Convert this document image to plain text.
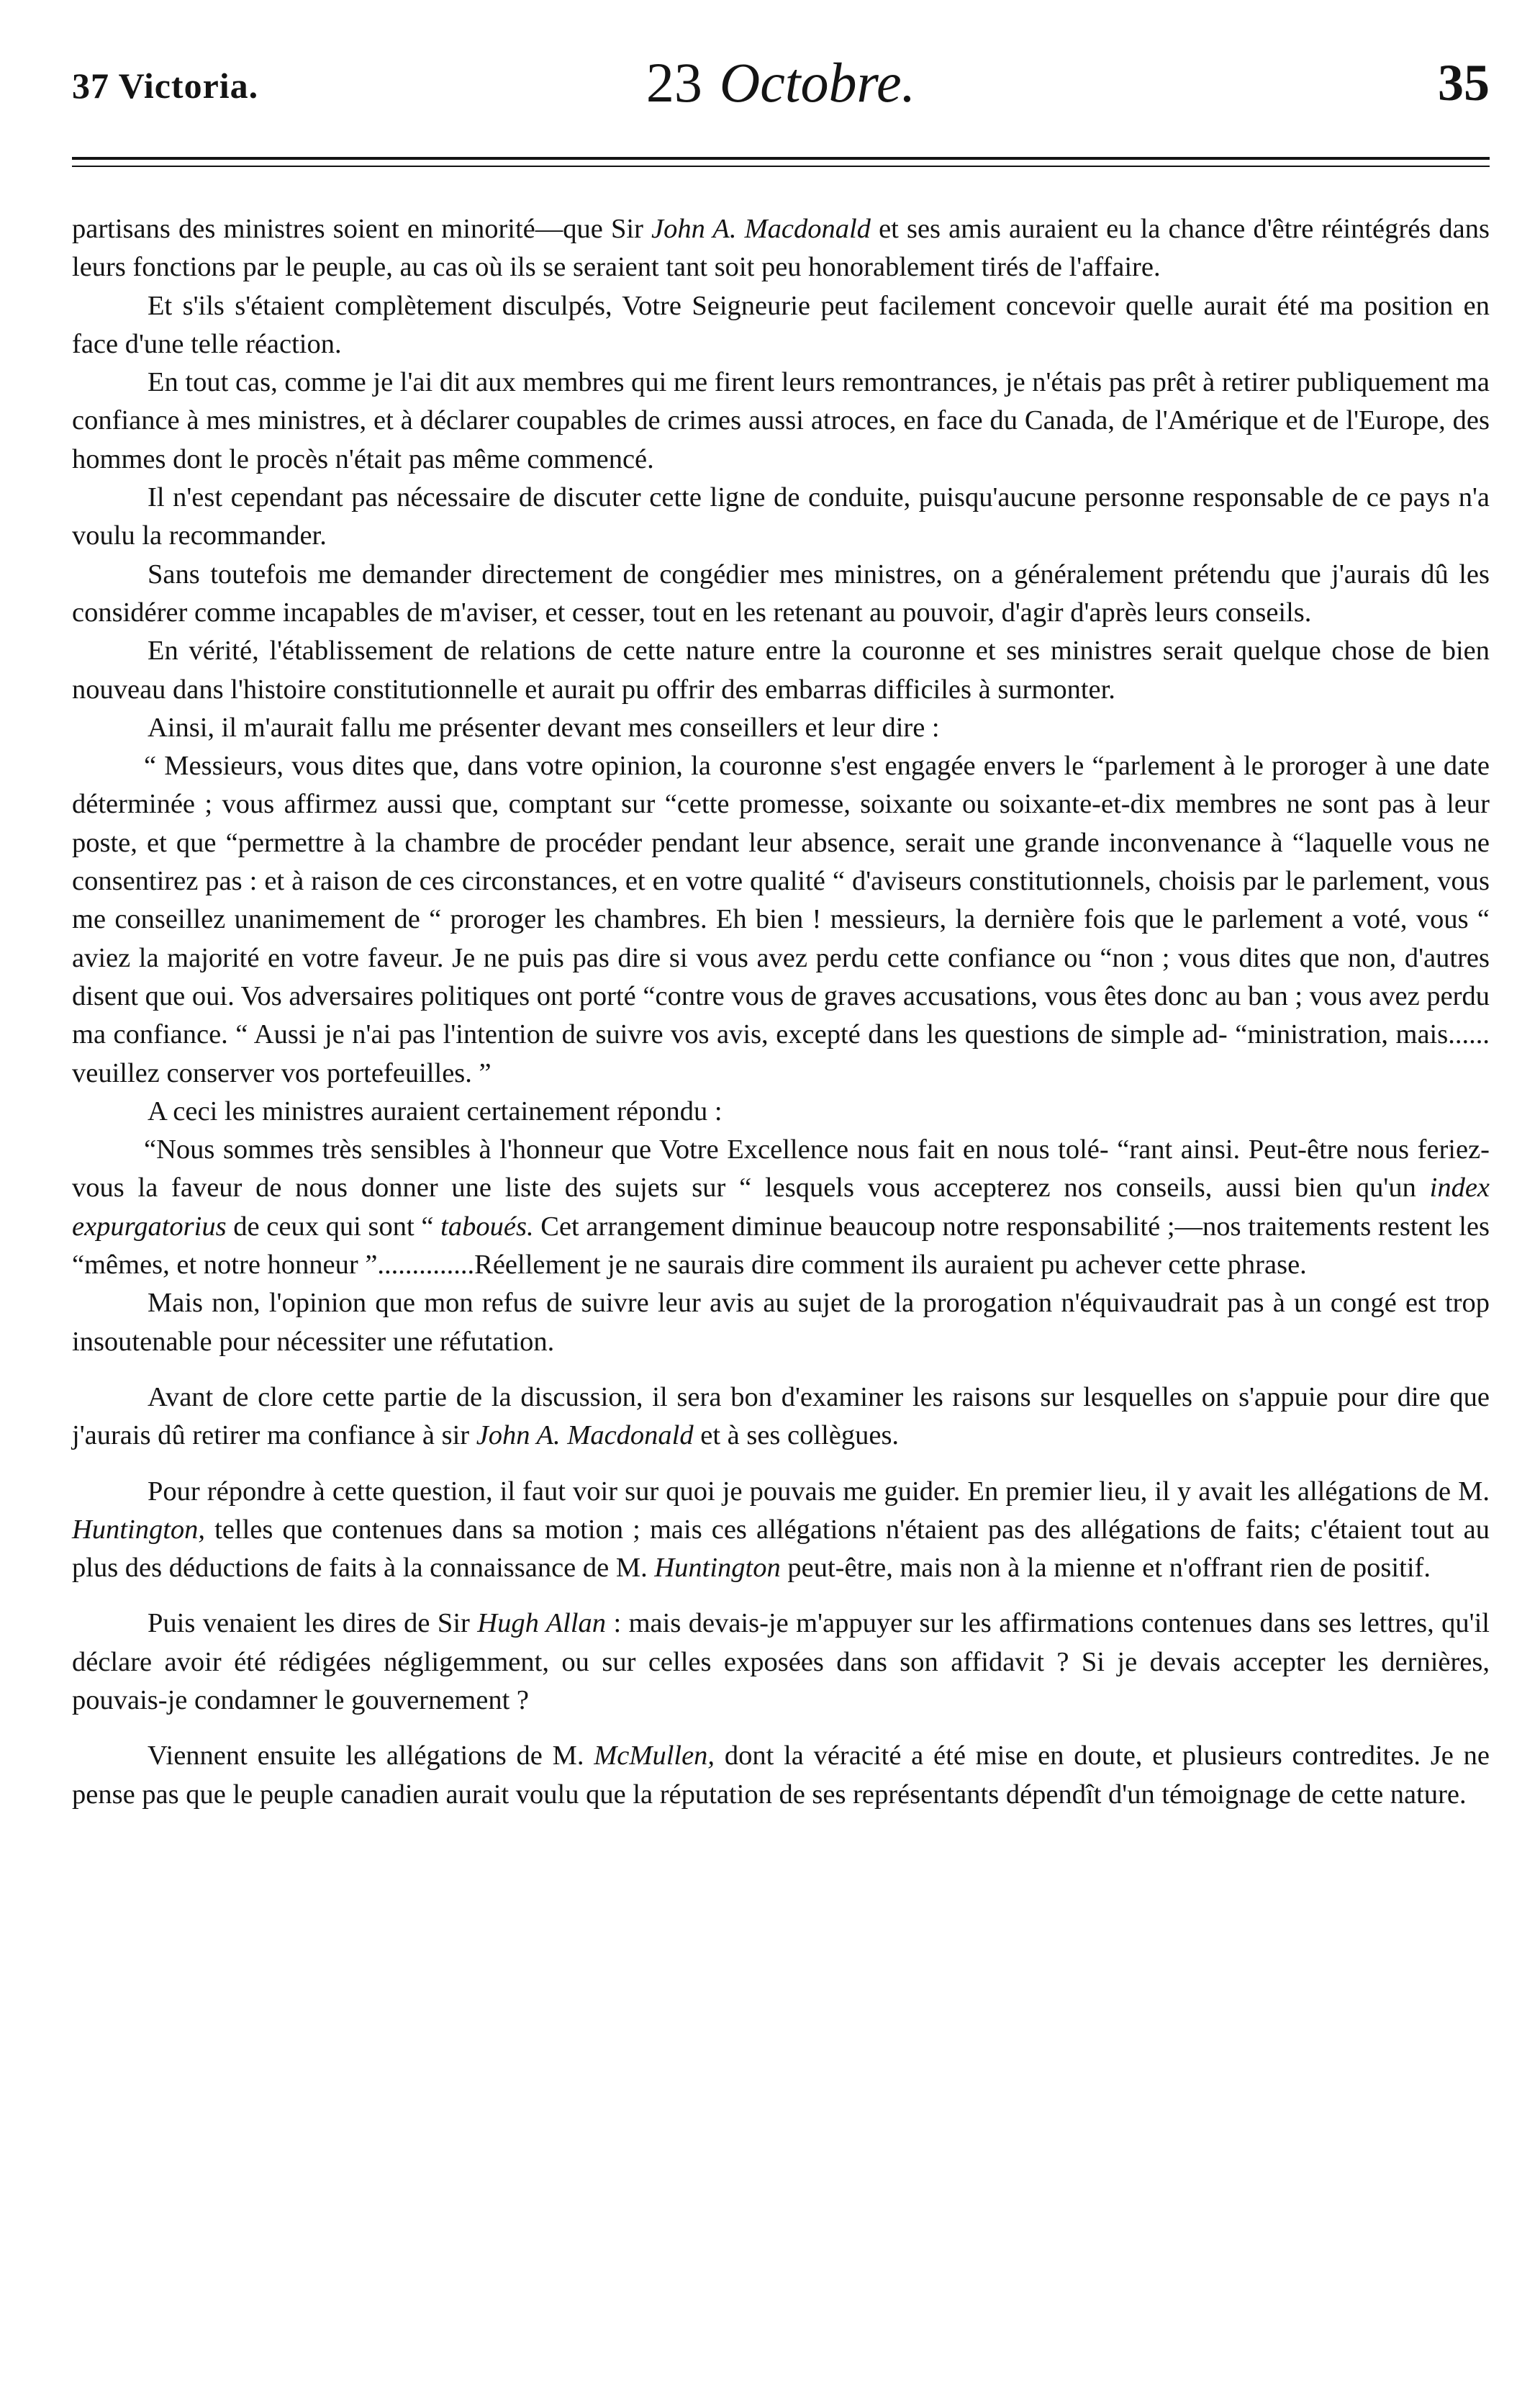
37 Victoria.	23 Octobre.	35

partisans des ministres soient en minorité—que Sir John A. Macdonald et ses amis auraient eu la chance d'être réintégrés dans leurs fonctions par le peuple, au cas où ils se seraient tant soit peu honorablement tirés de l'affaire.

Et s'ils s'étaient complètement disculpés, Votre Seigneurie peut facilement concevoir quelle aurait été ma position en face d'une telle réaction.

En tout cas, comme je l'ai dit aux membres qui me firent leurs remontrances, je n'étais pas prêt à retirer publiquement ma confiance à mes ministres, et à déclarer coupables de crimes aussi atroces, en face du Canada, de l'Amérique et de l'Europe, des hommes dont le procès n'était pas même commencé.

Il n'est cependant pas nécessaire de discuter cette ligne de conduite, puisqu'aucune personne responsable de ce pays n'a voulu la recommander.

Sans toutefois me demander directement de congédier mes ministres, on a généralement prétendu que j'aurais dû les considérer comme incapables de m'aviser, et cesser, tout en les retenant au pouvoir, d'agir d'après leurs conseils.

En vérité, l'établissement de relations de cette nature entre la couronne et ses ministres serait quelque chose de bien nouveau dans l'histoire constitutionnelle et aurait pu offrir des embarras difficiles à surmonter.

Ainsi, il m'aurait fallu me présenter devant mes conseillers et leur dire :

“ Messieurs, vous dites que, dans votre opinion, la couronne s'est engagée envers le “parlement à le proroger à une date déterminée ; vous affirmez aussi que, comptant sur “cette promesse, soixante ou soixante-et-dix membres ne sont pas à leur poste, et que “permettre à la chambre de procéder pendant leur absence, serait une grande inconvenance à “laquelle vous ne consentirez pas : et à raison de ces circonstances, et en votre qualité “ d'aviseurs constitutionnels, choisis par le parlement, vous me conseillez unanimement de “ proroger les chambres. Eh bien ! messieurs, la dernière fois que le parlement a voté, vous “ aviez la majorité en votre faveur. Je ne puis pas dire si vous avez perdu cette confiance ou “non ; vous dites que non, d'autres disent que oui. Vos adversaires politiques ont porté “contre vous de graves accusations, vous êtes donc au ban ; vous avez perdu ma confiance. “ Aussi je n'ai pas l'intention de suivre vos avis, excepté dans les questions de simple ad- “ministration, mais...... veuillez conserver vos portefeuilles. ”

A ceci les ministres auraient certainement répondu :

“Nous sommes très sensibles à l'honneur que Votre Excellence nous fait en nous tolé- “rant ainsi. Peut-être nous feriez-vous la faveur de nous donner une liste des sujets sur “ lesquels vous accepterez nos conseils, aussi bien qu'un index expurgatorius de ceux qui sont “ taboués. Cet arrangement diminue beaucoup notre responsabilité ;—nos traitements restent les “mêmes, et notre honneur ”..............Réellement je ne saurais dire comment ils auraient pu achever cette phrase.

Mais non, l'opinion que mon refus de suivre leur avis au sujet de la prorogation n'équivaudrait pas à un congé est trop insoutenable pour nécessiter une réfutation.

Avant de clore cette partie de la discussion, il sera bon d'examiner les raisons sur lesquelles on s'appuie pour dire que j'aurais dû retirer ma confiance à sir John A. Macdonald et à ses collègues.

Pour répondre à cette question, il faut voir sur quoi je pouvais me guider. En premier lieu, il y avait les allégations de M. Huntington, telles que contenues dans sa motion ; mais ces allégations n'étaient pas des allégations de faits; c'étaient tout au plus des déductions de faits à la connaissance de M. Huntington peut-être, mais non à la mienne et n'offrant rien de positif.

Puis venaient les dires de Sir Hugh Allan : mais devais-je m'appuyer sur les affirmations contenues dans ses lettres, qu'il déclare avoir été rédigées négligemment, ou sur celles exposées dans son affidavit ? Si je devais accepter les dernières, pouvais-je condamner le gouvernement ?

Viennent ensuite les allégations de M. McMullen, dont la véracité a été mise en doute, et plusieurs contredites. Je ne pense pas que le peuple canadien aurait voulu que la réputation de ses représentants dépendît d'un témoignage de cette nature.
